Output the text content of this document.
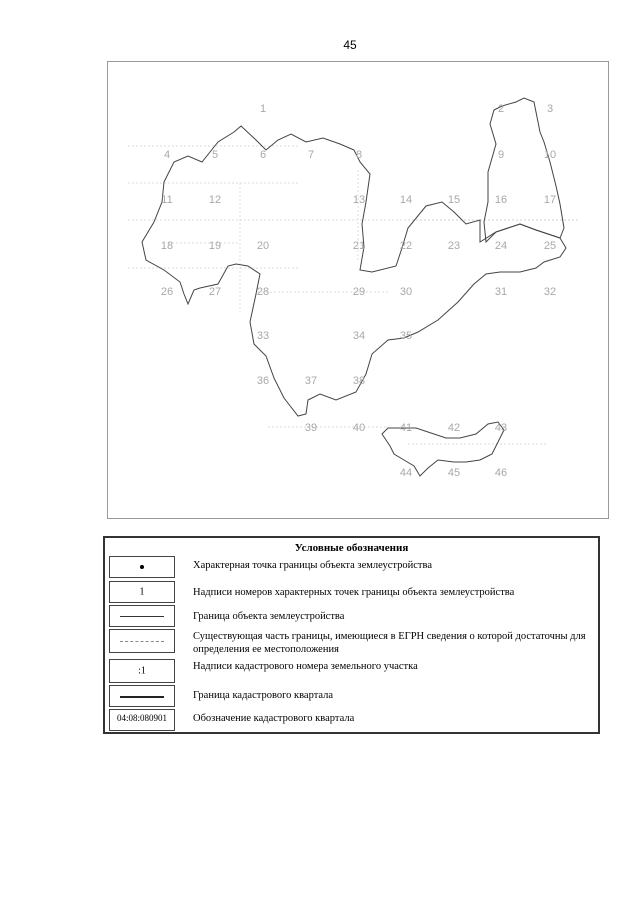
45
1	2	3
4	5	6	7	8	9	10
11	12	13	14	15	16	17
18	19	20	21	22	23	24	25
26	27	28	29	30	31	32
33	34	35
36	37	38
39	40	41	42	43
44	45	46
Условные обозначения
Характерная точка границы объекта землеустройства
1	Надписи номеров характерных точек границы объекта землеустройства
Граница объекта землеустройства
Существующая часть границы, имеющиеся в ЕГРН сведения о которой достаточны для определения ее местоположения
:1	Надписи кадастрового номера земельного участка
Граница кадастрового квартала
04:08:080901	Обозначение кадастрового квартала
